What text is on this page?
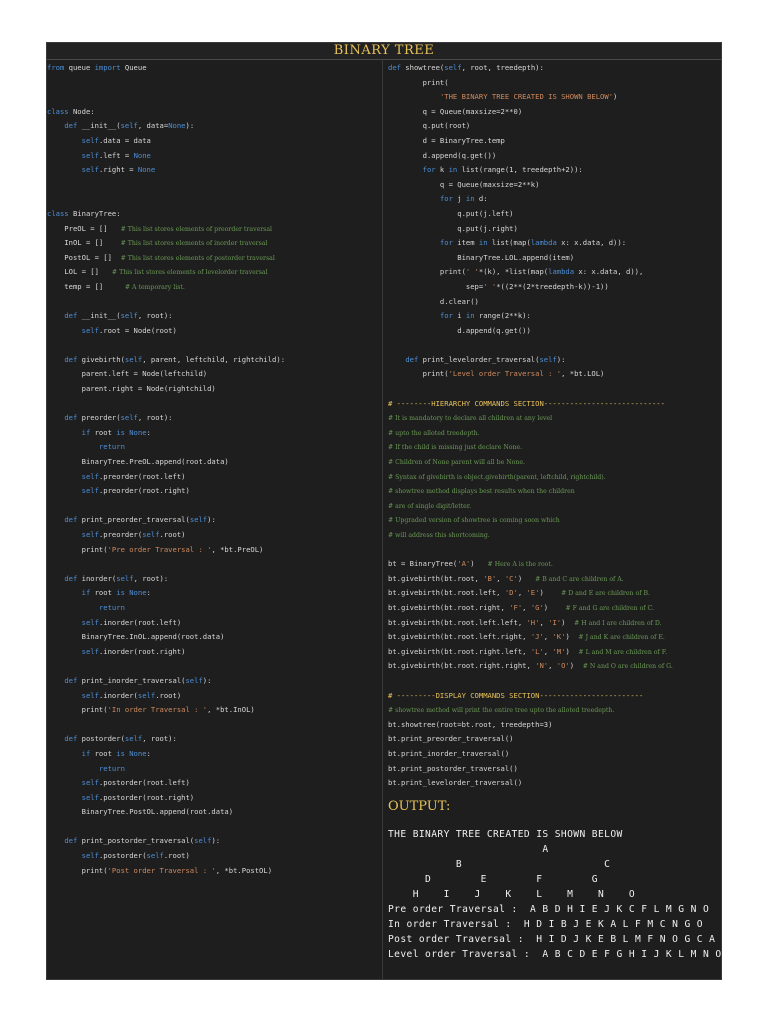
BINARY TREE
from queue import Queue
class Node:
def __init__(self, data=None):
self.data = data
self.left = None
self.right = None
class BinaryTree:
PreOL = []   # This list stores elements of preorder traversal
InOL = []    # This list stores elements of inorder traversal
PostOL = []  # This list stores elements of postorder traversal
LOL = []   # This list stores elements of levelorder traversal
temp = []     # A temporary list.
def __init__(self, root):
self.root = Node(root)
def givebirth(self, parent, leftchild, rightchild):
parent.left = Node(leftchild)
parent.right = Node(rightchild)
def preorder(self, root):
if root is None:
return
BinaryTree.PreOL.append(root.data)
self.preorder(root.left)
self.preorder(root.right)
def print_preorder_traversal(self):
self.preorder(self.root)
print('Pre order Traversal : ', *bt.PreOL)
def inorder(self, root):
if root is None:
return
self.inorder(root.left)
BinaryTree.InOL.append(root.data)
self.inorder(root.right)
def print_inorder_traversal(self):
self.inorder(self.root)
print('In order Traversal : ', *bt.InOL)
def postorder(self, root):
if root is None:
return
self.postorder(root.left)
self.postorder(root.right)
BinaryTree.PostOL.append(root.data)
def print_postorder_traversal(self):
self.postorder(self.root)
print('Post order Traversal : ', *bt.PostOL)
def showtree(self, root, treedepth):
print(
'THE BINARY TREE CREATED IS SHOWN BELOW')
q = Queue(maxsize=2**0)
q.put(root)
d = BinaryTree.temp
d.append(q.get())
for k in list(range(1, treedepth+2)):
q = Queue(maxsize=2**k)
for j in d:
q.put(j.left)
q.put(j.right)
for item in list(map(lambda x: x.data, d)):
BinaryTree.LOL.append(item)
print(' '*(k), *list(map(lambda x: x.data, d)),
sep=' '*((2**(2*treedepth-k))-1))
d.clear()
for i in range(2**k):
d.append(q.get())
def print_levelorder_traversal(self):
print('Level order Traversal : ', *bt.LOL)
# --------HIERARCHY COMMANDS SECTION----------------------------
# It is mandatory to declare all children at any level
# upto the alloted treedepth.
# If the child is missing just declare None.
# Children of None parent will all be None.
# Syntax of givebirth is object.givebirth(parent, leftchild, rightchild).
# showtree method displays best results when the children
# are of single digit/letter.
# Upgraded version of showtree is coming soon which
# will address this shortcoming.
bt = BinaryTree('A')   # Here A is the root.
bt.givebirth(bt.root, 'B', 'C')   # B and C are children of A.
bt.givebirth(bt.root.left, 'D', 'E')    # D and E are children of B.
bt.givebirth(bt.root.right, 'F', 'G')    # F and G are children of C.
bt.givebirth(bt.root.left.left, 'H', 'I')  # H and I are children of D.
bt.givebirth(bt.root.left.right, 'J', 'K')  # J and K are children of E.
bt.givebirth(bt.root.right.left, 'L', 'M')  # L and M are children of F.
bt.givebirth(bt.root.right.right, 'N', 'O')  # N and O are children of G.
# ---------DISPLAY COMMANDS SECTION------------------------
# showtree method will print the entire tree upto the alloted treedepth.
bt.showtree(root=bt.root, treedepth=3)
bt.print_preorder_traversal()
bt.print_inorder_traversal()
bt.print_postorder_traversal()
bt.print_levelorder_traversal()
OUTPUT:
THE BINARY TREE CREATED IS SHOWN BELOW
A
B                       C
D        E        F        G
H    I    J    K    L    M    N    O
Pre order Traversal :  A B D H I E J K C F L M G N O
In order Traversal :  H D I B J E K A L F M C N G O
Post order Traversal :  H I D J K E B L M F N O G C A
Level order Traversal :  A B C D E F G H I J K L M N O
